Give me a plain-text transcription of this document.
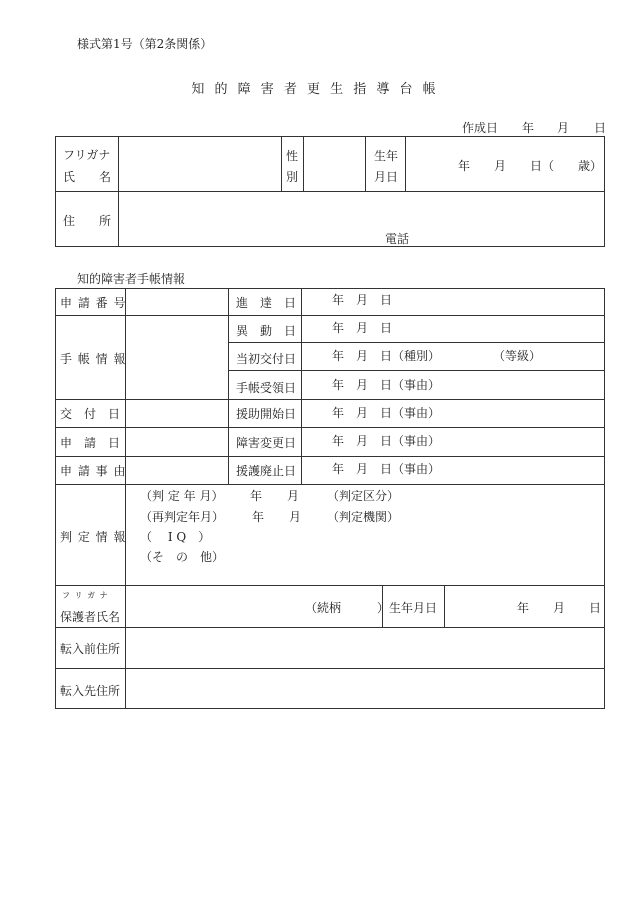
様式第1号（第2条関係）
知 的 障 害 者 更 生 指 導 台 帳
作成日 年 月 日
フリガナ
氏　　名
性
別
生年
月日
年　　月　　日（　　歳）
住　　所
電話
知的障害者手帳情報
申 請 番 号
手 帳 情 報
交　付　日
申　請　日
申 請 事 由
進　達　日
異　動　日
当初交付日
手帳受領日
援助開始日
障害変更日
援護廃止日
年　月　日
年　月　日
年　月　日（種別）	（等級）
年　月　日（事由）
年　月　日（事由）
年　月　日（事由）
年　月　日（事由）
判 定 情 報
（判 定 年 月）
（再判定年月）
（　 I Q　）
（そ　の　他）
年 月
年 月
（判定区分）
（判定機関）
フ リ ガ ナ
保護者氏名
（続柄　　　） 生年月日	年　　月　　日
転入前住所
転入先住所
